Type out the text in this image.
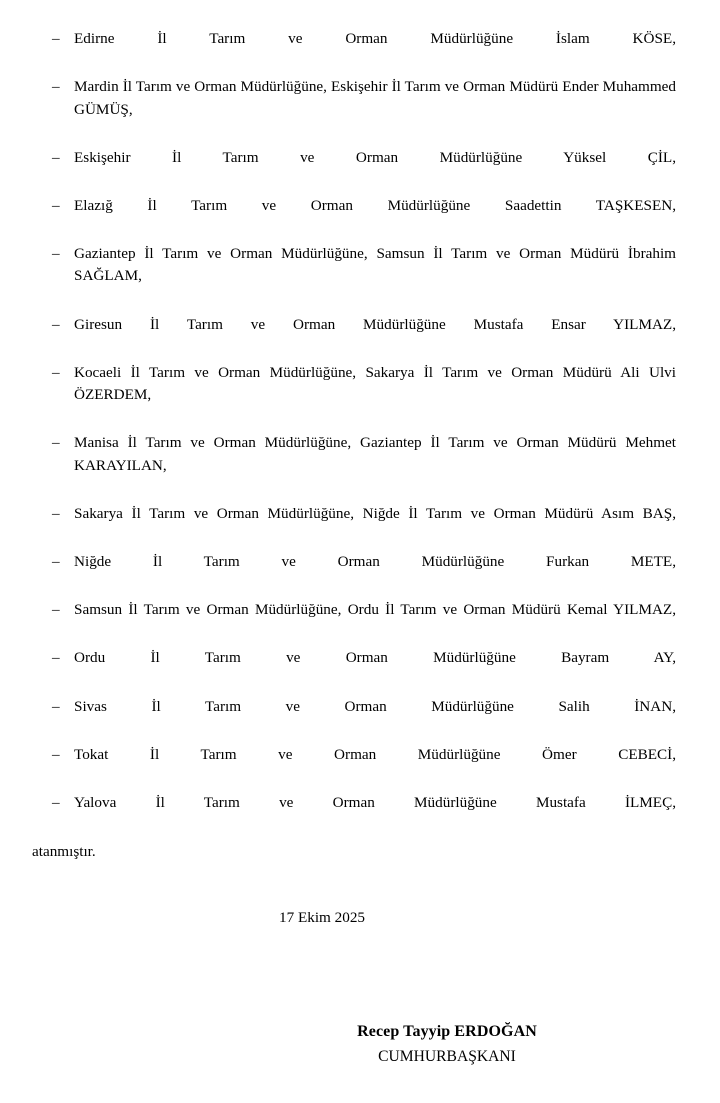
– Edirne İl Tarım ve Orman Müdürlüğüne İslam KÖSE,
– Mardin İl Tarım ve Orman Müdürlüğüne, Eskişehir İl Tarım ve Orman Müdürü Ender Muhammed GÜMÜŞ,
– Eskişehir İl Tarım ve Orman Müdürlüğüne Yüksel ÇİL,
– Elazığ İl Tarım ve Orman Müdürlüğüne Saadettin TAŞKESEN,
– Gaziantep İl Tarım ve Orman Müdürlüğüne, Samsun İl Tarım ve Orman Müdürü İbrahim SAĞLAM,
– Giresun İl Tarım ve Orman Müdürlüğüne Mustafa Ensar YILMAZ,
– Kocaeli İl Tarım ve Orman Müdürlüğüne, Sakarya İl Tarım ve Orman Müdürü Ali Ulvi ÖZERDEM,
– Manisa İl Tarım ve Orman Müdürlüğüne, Gaziantep İl Tarım ve Orman Müdürü Mehmet KARAYILAN,
– Sakarya İl Tarım ve Orman Müdürlüğüne, Niğde İl Tarım ve Orman Müdürü Asım BAŞ,
– Niğde İl Tarım ve Orman Müdürlüğüne Furkan METE,
– Samsun İl Tarım ve Orman Müdürlüğüne, Ordu İl Tarım ve Orman Müdürü Kemal YILMAZ,
– Ordu İl Tarım ve Orman Müdürlüğüne Bayram AY,
– Sivas İl Tarım ve Orman Müdürlüğüne Salih İNAN,
– Tokat İl Tarım ve Orman Müdürlüğüne Ömer CEBECİ,
– Yalova İl Tarım ve Orman Müdürlüğüne Mustafa İLMEÇ,

atanmıştır.

17 Ekim 2025

Recep Tayyip ERDOĞAN
CUMHURBAŞKANI
